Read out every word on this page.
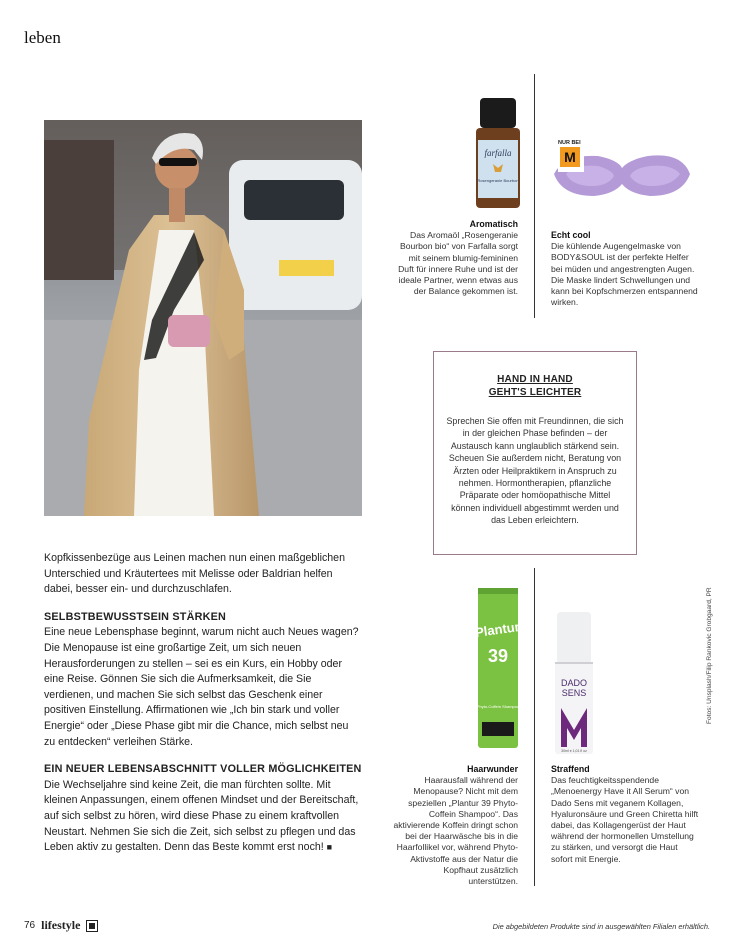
leben

Kopfkissenbezüge aus Leinen machen nun einen maßgeblichen Unterschied und Kräutertees mit Melisse oder Baldrian helfen dabei, besser ein- und durchzuschlafen.

SELBSTBEWUSSTSEIN STÄRKEN

Eine neue Lebensphase beginnt, warum nicht auch Neues wagen? Die Menopause ist eine großartige Zeit, um sich neuen Herausforderungen zu stellen – sei es ein Kurs, ein Hobby oder eine Reise. Gönnen Sie sich die Aufmerksamkeit, die Sie verdienen, und machen Sie sich selbst das Geschenk einer positiven Einstellung. Affirmationen wie „Ich bin stark und voller Energie“ oder „Diese Phase gibt mir die Chance, mich selbst neu zu entdecken“ verleihen Stärke.

EIN NEUER LEBENSABSCHNITT VOLLER MÖGLICHKEITEN

Die Wechseljahre sind keine Zeit, die man fürchten sollte. Mit kleinen Anpassungen, einem offenen Mindset und der Bereitschaft, auf sich selbst zu hören, wird diese Phase zu einem kraftvollen Neustart. Nehmen Sie sich die Zeit, sich selbst zu pflegen und das Leben aktiv zu gestalten. Denn das Beste kommt erst noch! ■

farfalla
Rosengeranie Bourbon
Aromatisch
Das Aromaöl „Rosengeranie Bourbon bio“ von Farfalla sorgt mit seinem blumig-femininen Duft für innere Ruhe und ist der ideale Partner, wenn etwas aus der Balance gekommen ist.
NUR BEI
M
Echt cool
Die kühlende Augengelmaske von BODY&SOUL ist der perfekte Helfer bei müden und angestrengten Augen. Die Maske lindert Schwellungen und kann bei Kopfschmerzen entspannend wirken.
HAND IN HAND
GEHT'S LEICHTER
Sprechen Sie offen mit Freundinnen, die sich in der gleichen Phase befinden – der Austausch kann unglaublich stärkend sein. Scheuen Sie außerdem nicht, Beratung von Ärzten oder Heilpraktikern in Anspruch zu nehmen. Hormontherapien, pflanzliche Präparate oder homöopathische Mittel können individuell abgestimmt werden und das Leben erleichtern.
Plantur
39
Phyto-Coffein Shampoo
Haarwunder
Haarausfall während der Menopause? Nicht mit dem speziellen „Plantur 39 Phyto-Coffein Shampoo“. Das aktivierende Koffein dringt schon bei der Haarwäsche bis in die Haarfollikel vor, während Phyto-Aktivstoffe aus der Natur die Kopfhaut zusätzlich unterstützen.
DADO
SENS
30ml e 1,01 fl oz
Straffend
Das feuchtigkeitsspendende „Menoenergy Have it All Serum“ von Dado Sens mit veganem Kollagen, Hyaluronsäure und Green Chiretta hilft dabei, das Kollagengerüst der Haut während der hormonellen Umstellung zu stärken, und versorgt die Haut sofort mit Energie.
Fotos: Unsplash/Filip Rankovic Grobgaard, PR
76 lifestyle	Die abgebildeten Produkte sind in ausgewählten Filialen erhältlich.
